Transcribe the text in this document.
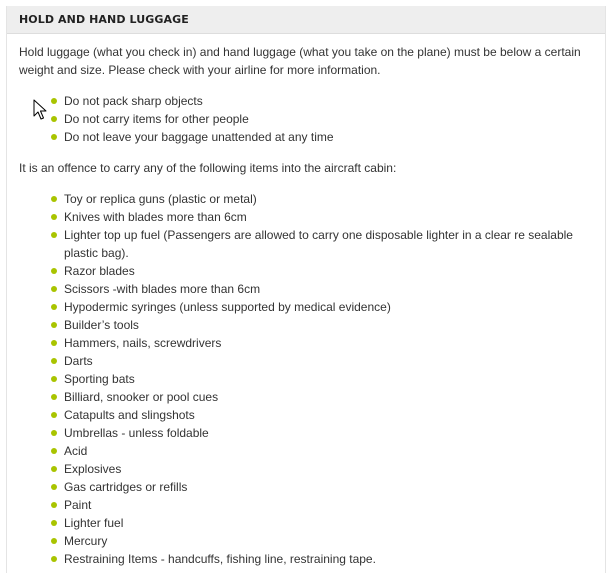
HOLD AND HAND LUGGAGE

Hold luggage (what you check in) and hand luggage (what you take on the plane) must be below a certain weight and size. Please check with your airline for more information.

Do not pack sharp objects
Do not carry items for other people
Do not leave your baggage unattended at any time

It is an offence to carry any of the following items into the aircraft cabin:

Toy or replica guns (plastic or metal)
Knives with blades more than 6cm
Lighter top up fuel (Passengers are allowed to carry one disposable lighter in a clear re sealable plastic bag).
Razor blades
Scissors -with blades more than 6cm
Hypodermic syringes (unless supported by medical evidence)
Builder’s tools
Hammers, nails, screwdrivers
Darts
Sporting bats
Billiard, snooker or pool cues
Catapults and slingshots
Umbrellas - unless foldable
Acid
Explosives
Gas cartridges or refills
Paint
Lighter fuel
Mercury
Restraining Items - handcuffs, fishing line, restraining tape.
